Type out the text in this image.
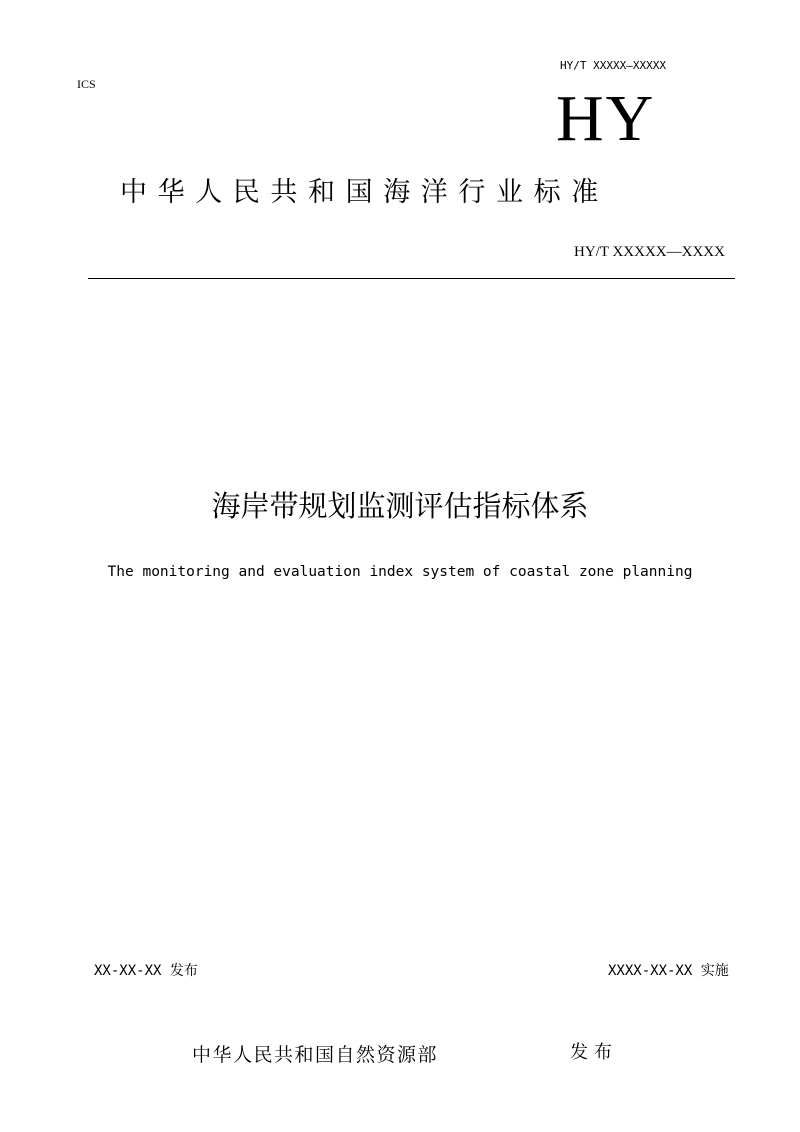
HY/T XXXXX—XXXXX
ICS	HY
中华人民共和国海洋行业标准
HY/T XXXXX—XXXX
海岸带规划监测评估指标体系
The monitoring and evaluation index system of coastal zone planning
XX-XX-XX 发布	XXXX-XX-XX 实施
中华人民共和国自然资源部	发布
